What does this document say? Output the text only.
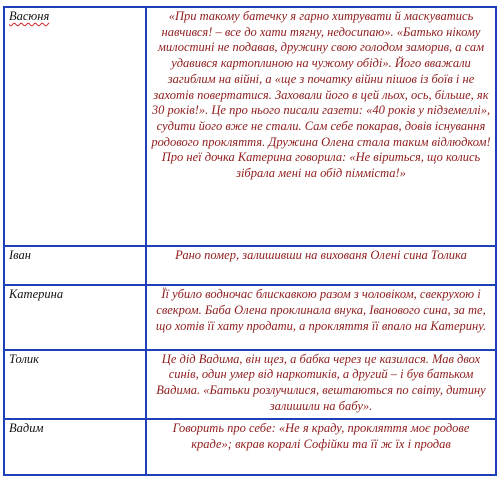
Васюня	«При такому батечку я гарно хитрувати й маскуватись навчився! – все до хати тягну, недосипаю». «Батько нікому милостині не подавав, дружину свою голодом заморив, а сам удавився картоплиною на чужому обіді». Його вважали загиблим на війні, а «ще з початку війни пішов із боїв і не захотів повертатися. Заховали його в цей льох, ось, більше, як 30 років!». Це про нього писали газети: «40 років у підземеллі», судити його вже не стали. Сам себе покарав, довів існування родового прокляття. Дружина Олена стала таким відлюдком! Про неї дочка Катерина говорила: «Не віриться, що колись зібрала мені на обід пімміста!»
Іван	Рано помер, залишивши на вихованя Олені сина Толика
Катерина	Її убило водночас блискавкою разом з чоловіком, свекрухою і свекром. Баба Олена проклинала внука, Іванового сина, за те, що хотів її хату продати, а прокляття її впало на Катерину.
Толик	Це дід Вадима, він щез, а бабка через це казилася. Мав двох синів, один умер від наркотиків, а другий – і був батьком Вадима. «Батьки розлучилися, вештаються по світу, дитину залишили на бабу».
Вадим	Говорить про себе: «Не я краду, прокляття моє родове краде»; вкрав коралі Софійки та її ж їх і продав
